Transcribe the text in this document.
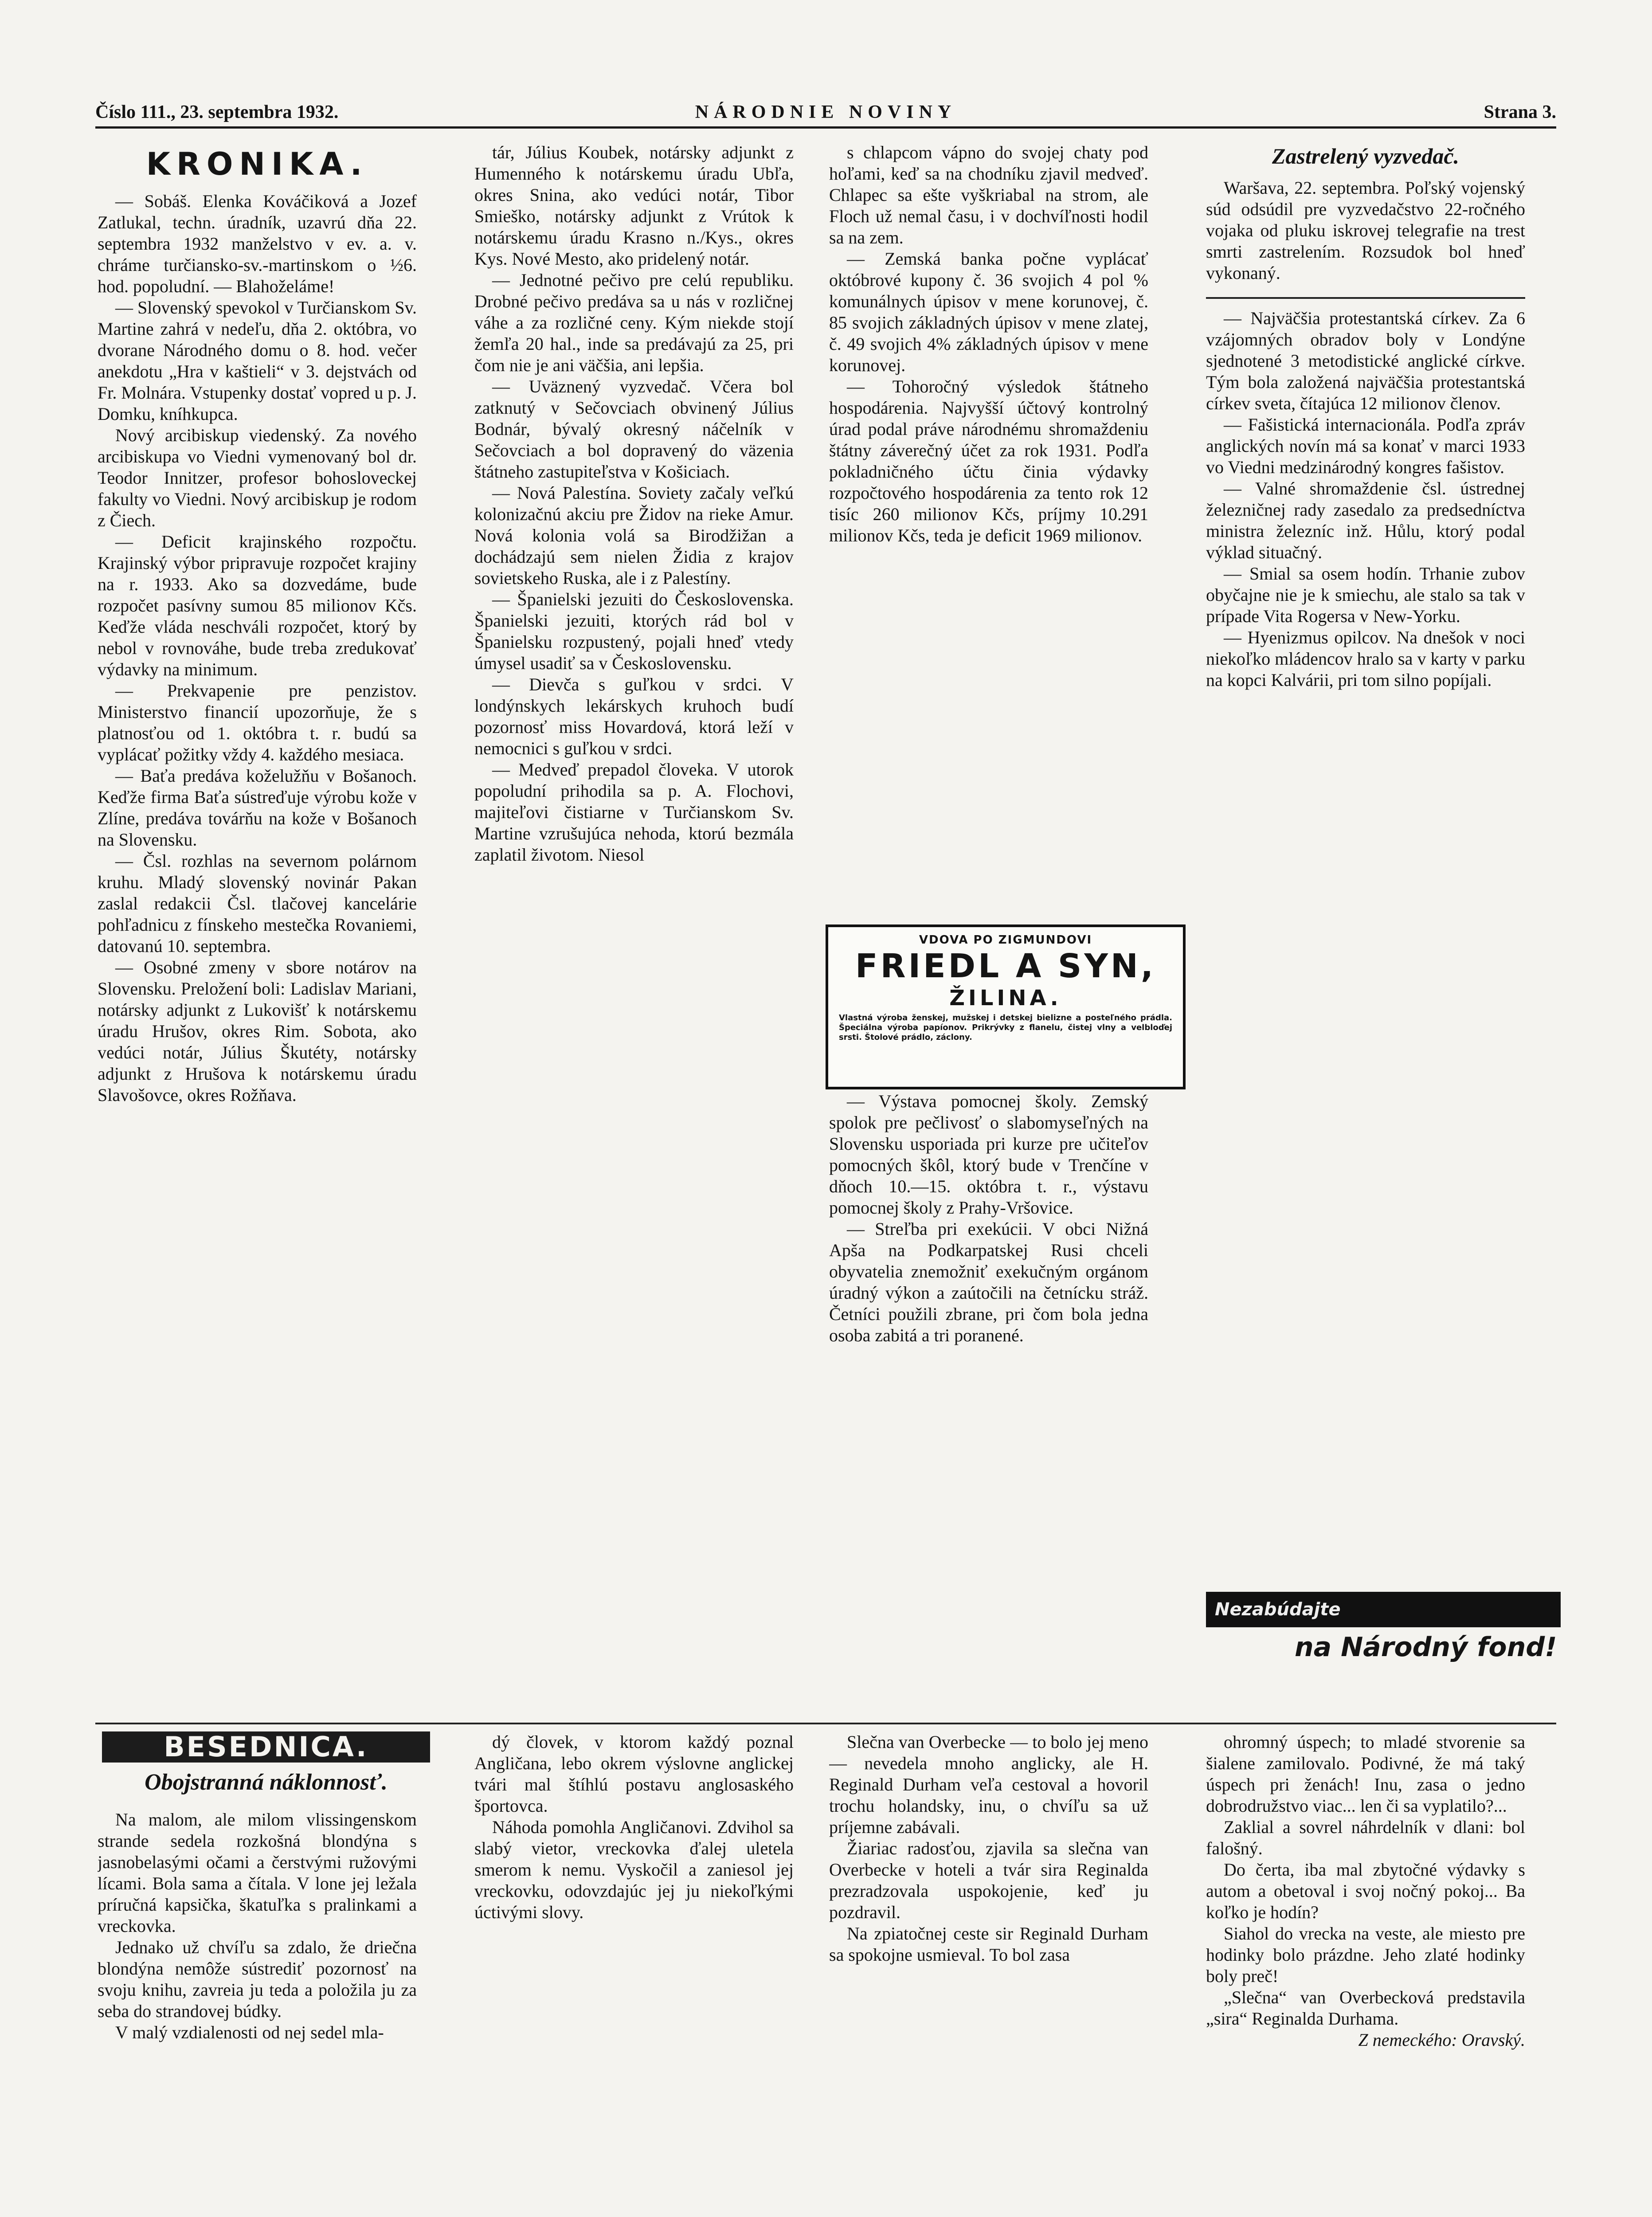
Číslo 111., 23. septembra 1932.	NÁRODNIE NOVINY	Strana 3.
KRONIKA.

— Sobáš. Elenka Kováčiková a Jozef Zatlukal, techn. úradník, uzavrú dňa 22. septembra 1932 manželstvo v ev. a. v. chráme turčiansko-sv.-martinskom o ½6. hod. popoludní. — Blahoželáme!

— Slovenský spevokol v Turčianskom Sv. Martine zahrá v nedeľu, dňa 2. októbra, vo dvorane Národného domu o 8. hod. večer anekdotu „Hra v kaštieli“ v 3. dejstvách od Fr. Molnára. Vstupenky dostať vopred u p. J. Domku, kníhkupca.

Nový arcibiskup viedenský. Za nového arcibiskupa vo Viedni vymenovaný bol dr. Teodor Innitzer, profesor bohosloveckej fakulty vo Viedni. Nový arcibiskup je rodom z Čiech.

— Deficit krajinského rozpočtu. Krajinský výbor pripravuje rozpočet krajiny na r. 1933. Ako sa dozvedáme, bude rozpočet pasívny sumou 85 milionov Kčs. Keďže vláda neschváli rozpočet, ktorý by nebol v rovnováhe, bude treba zredukovať výdavky na minimum.

— Prekvapenie pre penzistov. Ministerstvo financií upozorňuje, že s platnosťou od 1. októbra t. r. budú sa vyplácať požitky vždy 4. každého mesiaca.

— Baťa predáva koželužňu v Bošanoch. Keďže firma Baťa sústreďuje výrobu kože v Zlíne, predáva továrňu na kože v Bošanoch na Slovensku.

— Čsl. rozhlas na severnom polárnom kruhu. Mladý slovenský novinár Pakan zaslal redakcii Čsl. tlačovej kancelárie pohľadnicu z fínskeho mestečka Rovaniemi, datovanú 10. septembra.

— Osobné zmeny v sbore notárov na Slovensku. Preložení boli: Ladislav Mariani, notársky adjunkt z Lukovišť k notárskemu úradu Hrušov, okres Rim. Sobota, ako vedúci notár, Július Škutéty, notársky adjunkt z Hrušova k notárskemu úradu Slavošovce, okres Rožňava.

tár, Július Koubek, notársky adjunkt z Humenného k notárskemu úradu Ubľa, okres Snina, ako vedúci notár, Tibor Smieško, notársky adjunkt z Vrútok k notárskemu úradu Krasno n./Kys., okres Kys. Nové Mesto, ako pridelený notár.

— Jednotné pečivo pre celú republiku. Drobné pečivo predáva sa u nás v rozličnej váhe a za rozličné ceny. Kým niekde stojí žemľa 20 hal., inde sa predávajú za 25, pri čom nie je ani väčšia, ani lepšia.

— Uväznený vyzvedač. Včera bol zatknutý v Sečovciach obvinený Július Bodnár, bývalý okresný náčelník v Sečovciach a bol dopravený do väzenia štátneho zastupiteľstva v Košiciach.

— Nová Palestína. Soviety začaly veľkú kolonizačnú akciu pre Židov na rieke Amur. Nová kolonia volá sa Birodžižan a dochádzajú sem nielen Židia z krajov sovietskeho Ruska, ale i z Palestíny.

— Španielski jezuiti do Československa. Španielski jezuiti, ktorých rád bol v Španielsku rozpustený, pojali hneď vtedy úmysel usadiť sa v Československu.

— Dievča s guľkou v srdci. V londýnskych lekárskych kruhoch budí pozornosť miss Hovardová, ktorá leží v nemocnici s guľkou v srdci.

— Medveď prepadol človeka. V utorok popoludní prihodila sa p. A. Flochovi, majiteľovi čistiarne v Turčianskom Sv. Martine vzrušujúca nehoda, ktorú bezmála zaplatil životom. Niesol

s chlapcom vápno do svojej chaty pod hoľami, keď sa na chodníku zjavil medveď. Chlapec sa ešte vyškriabal na strom, ale Floch už nemal času, i v dochvíľnosti hodil sa na zem.

— Zemská banka počne vyplácať októbrové kupony č. 36 svojich 4 pol % komunálnych úpisov v mene korunovej, č. 85 svojich základných úpisov v mene zlatej, č. 49 svojich 4% základných úpisov v mene korunovej.

— Tohoročný výsledok štátneho hospodárenia. Najvyšší účtový kontrolný úrad podal práve národnému shromaždeniu štátny záverečný účet za rok 1931. Podľa pokladničného účtu činia výdavky rozpočtového hospodárenia za tento rok 12 tisíc 260 milionov Kčs, príjmy 10.291 milionov Kčs, teda je deficit 1969 milionov.

VDOVA PO ZIGMUNDOVI
FRIEDL A SYN,
ŽILINA.
Vlastná výroba ženskej, mužskej i detskej bielizne a posteľného prádla. Špeciálna výroba papíonov. Prikrývky z flanelu, čistej vlny a velbloďej srsti. Štolové prádlo, záclony.

— Výstava pomocnej školy. Zemský spolok pre pečlivosť o slabomyseľných na Slovensku usporiada pri kurze pre učiteľov pomocných škôl, ktorý bude v Trenčíne v dňoch 10.—15. októbra t. r., výstavu pomocnej školy z Prahy-Vršovice.

— Streľba pri exekúcii. V obci Nižná Apša na Podkarpatskej Rusi chceli obyvatelia znemožniť exekučným orgánom úradný výkon a zaútočili na četnícku stráž. Četníci použili zbrane, pri čom bola jedna osoba zabitá a tri poranené.

Zastrelený vyzvedač.

Waršava, 22. septembra. Poľský vojenský súd odsúdil pre vyzvedačstvo 22-ročného vojaka od pluku iskrovej telegrafie na trest smrti zastrelením. Rozsudok bol hneď vykonaný.

— Najväčšia protestantská církev. Za 6 vzájomných obradov boly v Londýne sjednotené 3 metodistické anglické církve. Tým bola založená najväčšia protestantská církev sveta, čítajúca 12 milionov členov.

— Fašistická internacionála. Podľa zpráv anglických novín má sa konať v marci 1933 vo Viedni medzinárodný kongres fašistov.

— Valné shromaždenie čsl. ústrednej železničnej rady zasedalo za predsedníctva ministra železníc inž. Hůlu, ktorý podal výklad situačný.

— Smial sa osem hodín. Trhanie zubov obyčajne nie je k smiechu, ale stalo sa tak v prípade Vita Rogersa v New-Yorku.

— Hyenizmus opilcov. Na dnešok v noci niekoľko mládencov hralo sa v karty v parku na kopci Kalvárii, pri tom silno popíjali.

Nezabúdajte
na Národný fond!
BESEDNICA.
Obojstranná náklonnosť.

Na malom, ale milom vlissingenskom strande sedela rozkošná blondýna s jasnobelasými očami a čerstvými ružovými lícami. Bola sama a čítala. V lone jej ležala príručná kapsička, škatuľka s pralinkami a vreckovka.

Jednako už chvíľu sa zdalo, že driečna blondýna nemôže sústrediť pozornosť na svoju knihu, zavreia ju teda a položila ju za seba do strandovej búdky.

V malý vzdialenosti od nej sedel mla-

dý človek, v ktorom každý poznal Angličana, lebo okrem výslovne anglickej tvári mal štíhlú postavu anglosaského športovca.

Náhoda pomohla Angličanovi. Zdvihol sa slabý vietor, vreckovka ďalej uletela smerom k nemu. Vyskočil a zaniesol jej vreckovku, odovzdajúc jej ju niekoľkými úctivými slovy.

Slečna van Overbecke — to bolo jej meno — nevedela mnoho anglicky, ale H. Reginald Durham veľa cestoval a hovoril trochu holandsky, inu, o chvíľu sa už príjemne zabávali.

Žiariac radosťou, zjavila sa slečna van Overbecke v hoteli a tvár sira Reginalda prezradzovala uspokojenie, keď ju pozdravil.

Na zpiatočnej ceste sir Reginald Durham sa spokojne usmieval. To bol zasa

ohromný úspech; to mladé stvorenie sa šialene zamilovalo. Podivné, že má taký úspech pri ženách! Inu, zasa o jedno dobrodružstvo viac... len či sa vyplatilo?...

Zaklial a sovrel náhrdelník v dlani: bol falošný.

Do čerta, iba mal zbytočné výdavky s autom a obetoval i svoj nočný pokoj... Ba koľko je hodín?

Siahol do vrecka na veste, ale miesto pre hodinky bolo prázdne. Jeho zlaté hodinky boly preč!

„Slečna“ van Overbecková predstavila „sira“ Reginalda Durhama.

Z nemeckého: Oravský.
